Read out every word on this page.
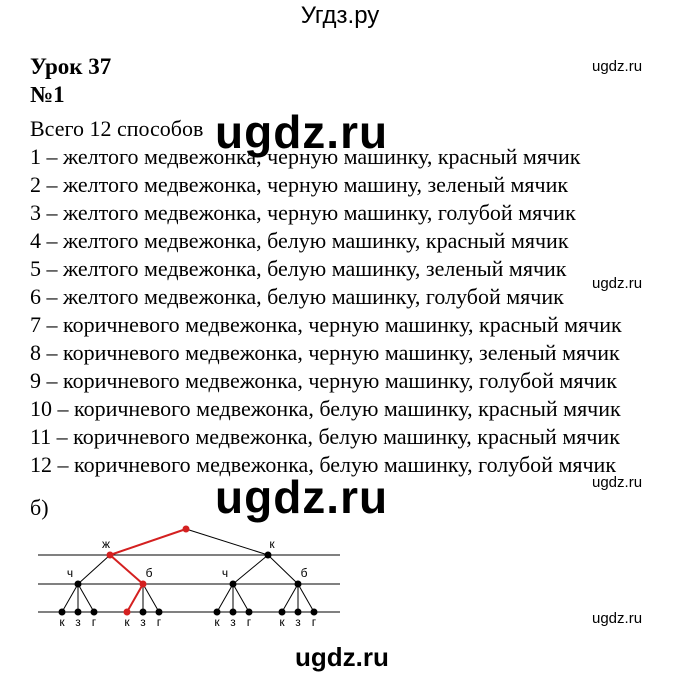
Угдз.ру
ugdz.ru
ugdz.ru
ugdz.ru
ugdz.ru
ugdz.ru
ugdz.ru
ugdz.ru
Урок 37
№1
Всего 12 способов
1 – желтого медвежонка, черную машинку, красный мячик
2 – желтого медвежонка, черную машину, зеленый мячик
3 – желтого медвежонка, черную машинку, голубой мячик
4 – желтого медвежонка, белую машинку, красный мячик
5 – желтого медвежонка, белую машинку, зеленый мячик
6 – желтого медвежонка, белую машинку, голубой мячик
7 – коричневого медвежонка, черную машинку, красный мячик
8 – коричневого медвежонка, черную машинку, зеленый мячик
9 – коричневого медвежонка, черную машинку, голубой мячик
10 – коричневого медвежонка, белую машинку, красный мячик
11 – коричневого медвежонка, белую машинку, красный мячик
12 – коричневого медвежонка, белую машинку, голубой мячик
б)
ж	к
ч	б	ч	б
к з г к з г	к з г к з г
